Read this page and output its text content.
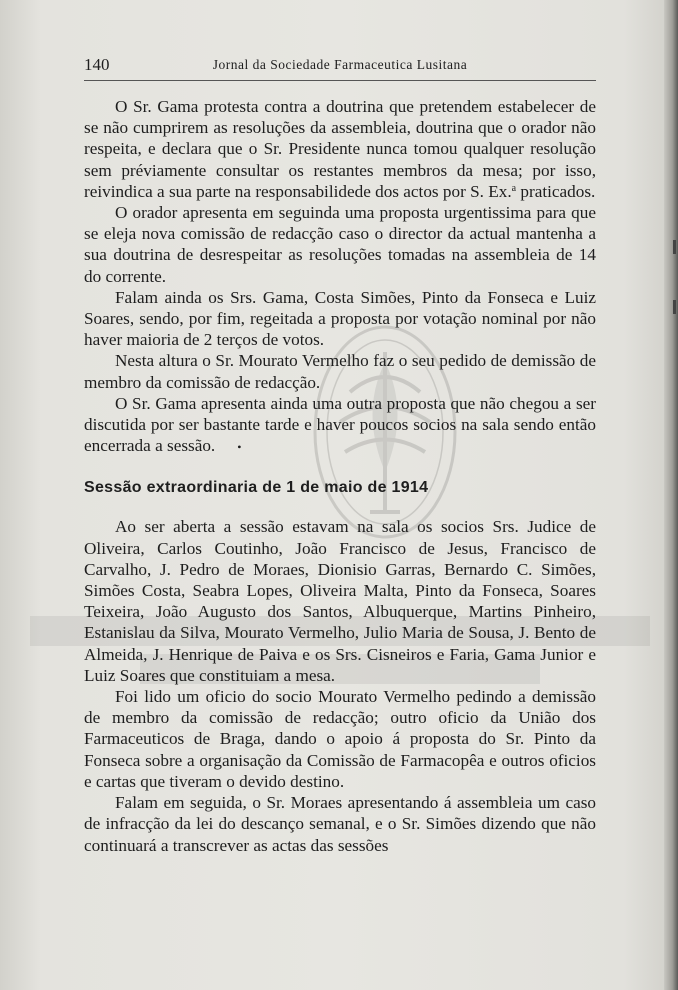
140	Jornal da Sociedade Farmaceutica Lusitana

O Sr. Gama protesta contra a doutrina que pretendem estabelecer de se não cumprirem as resoluções da assembleia, doutrina que o orador não respeita, e declara que o Sr. Presidente nunca tomou qualquer resolução sem préviamente consultar os restantes membros da mesa; por isso, reivindica a sua parte na responsabilidede dos actos por S. Ex.$^a$ praticados.

O orador apresenta em seguinda uma proposta urgentissima para que se eleja nova comissão de redacção caso o director da actual mantenha a sua doutrina de desrespeitar as resoluções tomadas na assembleia de 14 do corrente.

Falam ainda os Srs. Gama, Costa Simões, Pinto da Fonseca e Luiz Soares, sendo, por fim, regeitada a proposta por votação nominal por não haver maioria de 2 terços de votos.

Nesta altura o Sr. Mourato Vermelho faz o seu pedido de demissão de membro da comissão de redacção.

O Sr. Gama apresenta ainda uma outra proposta que não chegou a ser discutida por ser bastante tarde e haver poucos socios na sala sendo então encerrada a sessão. •

Sessão extraordinaria de 1 de maio de 1914

Ao ser aberta a sessão estavam na sala os socios Srs. Judice de Oliveira, Carlos Coutinho, João Francisco de Jesus, Francisco de Carvalho, J. Pedro de Moraes, Dionisio Garras, Bernardo C. Simões, Simões Costa, Seabra Lopes, Oliveira Malta, Pinto da Fonseca, Soares Teixeira, João Augusto dos Santos, Albuquerque, Martins Pinheiro, Estanislau da Silva, Mourato Vermelho, Julio Maria de Sousa, J. Bento de Almeida, J. Henrique de Paiva e os Srs. Cisneiros e Faria, Gama Junior e Luiz Soares que constituiam a mesa.

Foi lido um oficio do socio Mourato Vermelho pedindo a demissão de membro da comissão de redacção; outro oficio da União dos Farmaceuticos de Braga, dando o apoio á proposta do Sr. Pinto da Fonseca sobre a organisação da Comissão de Farmacopêa e outros oficios e cartas que tiveram o devido destino.

Falam em seguida, o Sr. Moraes apresentando á assembleia um caso de infracção da lei do descanço semanal, e o Sr. Simões dizendo que não continuará a transcrever as actas das sessões
